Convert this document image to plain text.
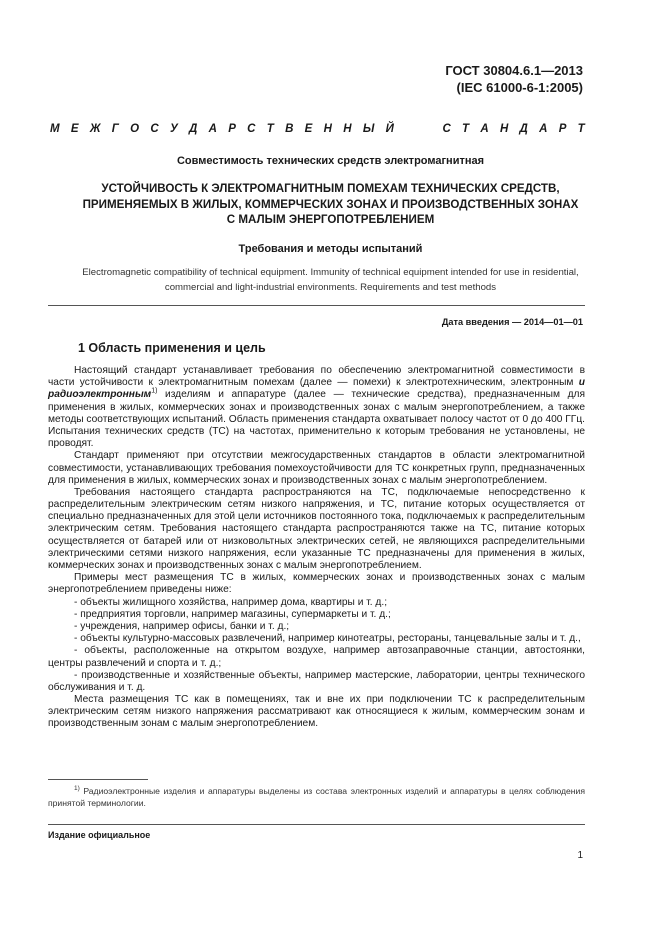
ГОСТ 30804.6.1—2013
(IEC 61000-6-1:2005)
М Е Ж Г О С У Д А Р С Т В Е Н Н Ы Й	С Т А Н Д А Р Т
Совместимость технических средств электромагнитная
УСТОЙЧИВОСТЬ К ЭЛЕКТРОМАГНИТНЫМ ПОМЕХАМ ТЕХНИЧЕСКИХ СРЕДСТВ,
ПРИМЕНЯЕМЫХ В ЖИЛЫХ, КОММЕРЧЕСКИХ ЗОНАХ И ПРОИЗВОДСТВЕННЫХ ЗОНАХ
С МАЛЫМ ЭНЕРГОПОТРЕБЛЕНИЕМ
Требования и методы испытаний
Electromagnetic compatibility of technical equipment. Immunity of technical equipment intended for use in residential,
commercial and light-industrial environments. Requirements and test methods
Дата введения — 2014—01—01
1 Область применения и цель

Настоящий стандарт устанавливает требования по обеспечению электромагнитной совместимости в части устойчивости к электромагнитным помехам (далее — помехи) к электротехническим, электронным и радиоэлектронным$^{1)}$ изделиям и аппаратуре (далее — технические средства), предназначенным для применения в жилых, коммерческих зонах и производственных зонах с малым энергопотреблением, а также методы соответствующих испытаний. Область применения стандарта охватывает полосу частот от 0 до 400 ГГц. Испытания технических средств (ТС) на частотах, применительно к которым требования не установлены, не проводят.

Стандарт применяют при отсутствии межгосударственных стандартов в области электромагнитной совместимости, устанавливающих требования помехоустойчивости для ТС конкретных групп, предназначенных для применения в жилых, коммерческих зонах и производственных зонах с малым энергопотреблением.

Требования настоящего стандарта распространяются на ТС, подключаемые непосредственно к распределительным электрическим сетям низкого напряжения, и ТС, питание которых осуществляется от специально предназначенных для этой цели источников постоянного тока, подключаемых к распределительным электрическим сетям. Требования настоящего стандарта распространяются также на ТС, питание которых осуществляется от батарей или от низковольтных электрических сетей, не являющихся распределительными электрическими сетями низкого напряжения, если указанные ТС предназначены для применения в жилых, коммерческих зонах и производственных зонах с малым энергопотреблением.

Примеры мест размещения ТС в жилых, коммерческих зонах и производственных зонах с малым энергопотреблением приведены ниже:

- объекты жилищного хозяйства, например дома, квартиры и т. д.;

- предприятия торговли, например магазины, супермаркеты и т. д.;

- учреждения, например офисы, банки и т. д.;

- объекты культурно-массовых развлечений, например кинотеатры, рестораны, танцевальные залы и т. д.,

- объекты, расположенные на открытом воздухе, например автозаправочные станции, автостоянки, центры развлечений и спорта и т. д.;

- производственные и хозяйственные объекты, например мастерские, лаборатории, центры технического обслуживания и т. д.

Места размещения ТС как в помещениях, так и вне их при подключении ТС к распределительным электрическим сетям низкого напряжения рассматривают как относящиеся к жилым, коммерческим зонам и производственным зонам с малым энергопотреблением.

$^{1)}$ Радиоэлектронные изделия и аппаратуры выделены из состава электронных изделий и аппаратуры в целях соблюдения принятой терминологии.

Издание официальное
1
